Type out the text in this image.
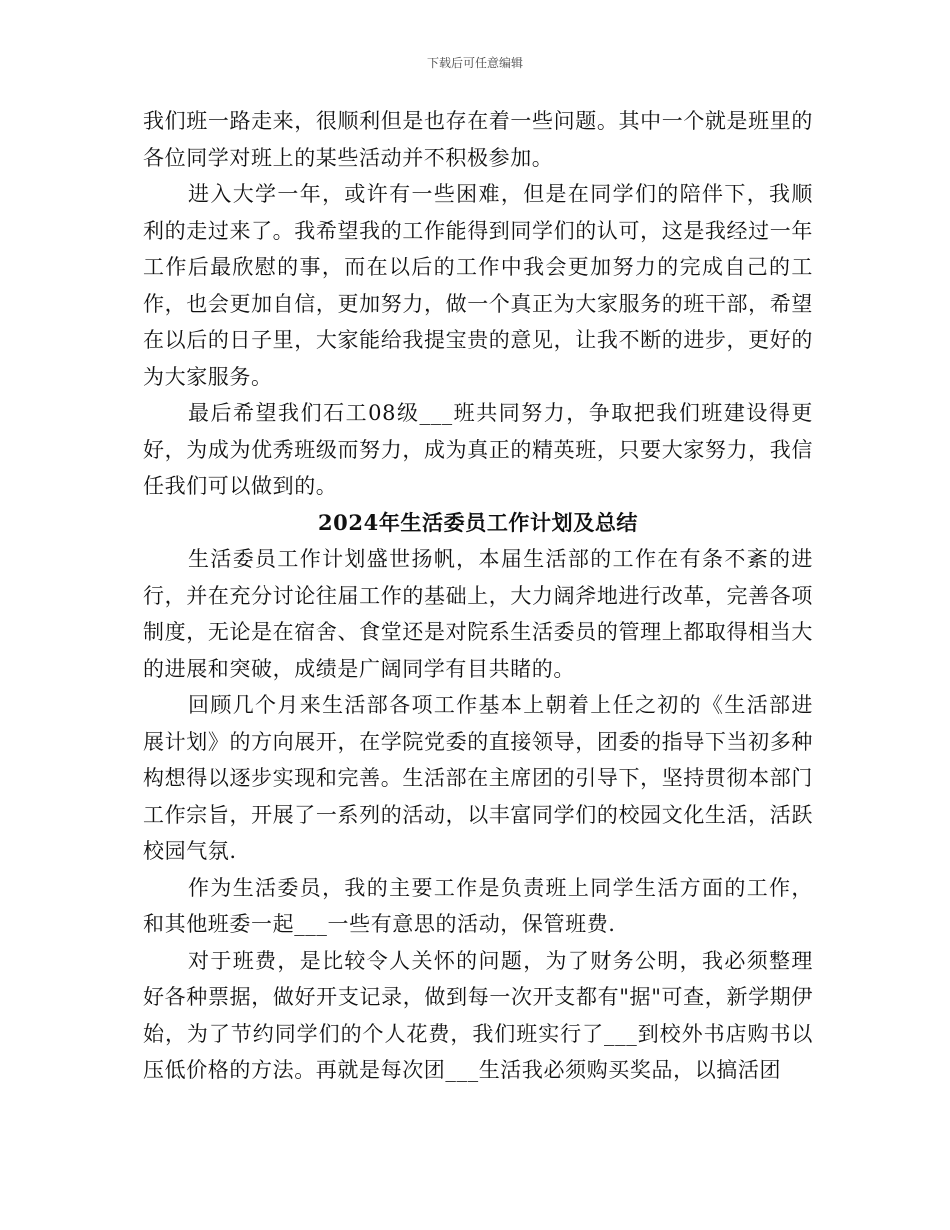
下载后可任意编辑

我们班一路走来，很顺利但是也存在着一些问题。其中一个就是班里的各位同学对班上的某些活动并不积极参加。

进入大学一年，或许有一些困难，但是在同学们的陪伴下，我顺利的走过来了。我希望我的工作能得到同学们的认可，这是我经过一年工作后最欣慰的事，而在以后的工作中我会更加努力的完成自己的工作，也会更加自信，更加努力，做一个真正为大家服务的班干部，希望在以后的日子里，大家能给我提宝贵的意见，让我不断的进步，更好的为大家服务。

最后希望我们石工08级___班共同努力，争取把我们班建设得更好，为成为优秀班级而努力，成为真正的精英班，只要大家努力，我信任我们可以做到的。

2024年生活委员工作计划及总结

生活委员工作计划盛世扬帆，本届生活部的工作在有条不紊的进行，并在充分讨论往届工作的基础上，大力阔斧地进行改革，完善各项制度，无论是在宿舍、食堂还是对院系生活委员的管理上都取得相当大的进展和突破，成绩是广阔同学有目共睹的。

回顾几个月来生活部各项工作基本上朝着上任之初的《生活部进展计划》的方向展开，在学院党委的直接领导，团委的指导下当初多种构想得以逐步实现和完善。生活部在主席团的引导下，坚持贯彻本部门工作宗旨，开展了一系列的活动，以丰富同学们的校园文化生活，活跃校园气氛.

作为生活委员，我的主要工作是负责班上同学生活方面的工作，和其他班委一起___一些有意思的活动，保管班费.

对于班费，是比较令人关怀的问题，为了财务公明，我必须整理好各种票据，做好开支记录，做到每一次开支都有"据"可查，新学期伊始，为了节约同学们的个人花费，我们班实行了___到校外书店购书以压低价格的方法。再就是每次团___生活我必须购买奖品，以搞活团
